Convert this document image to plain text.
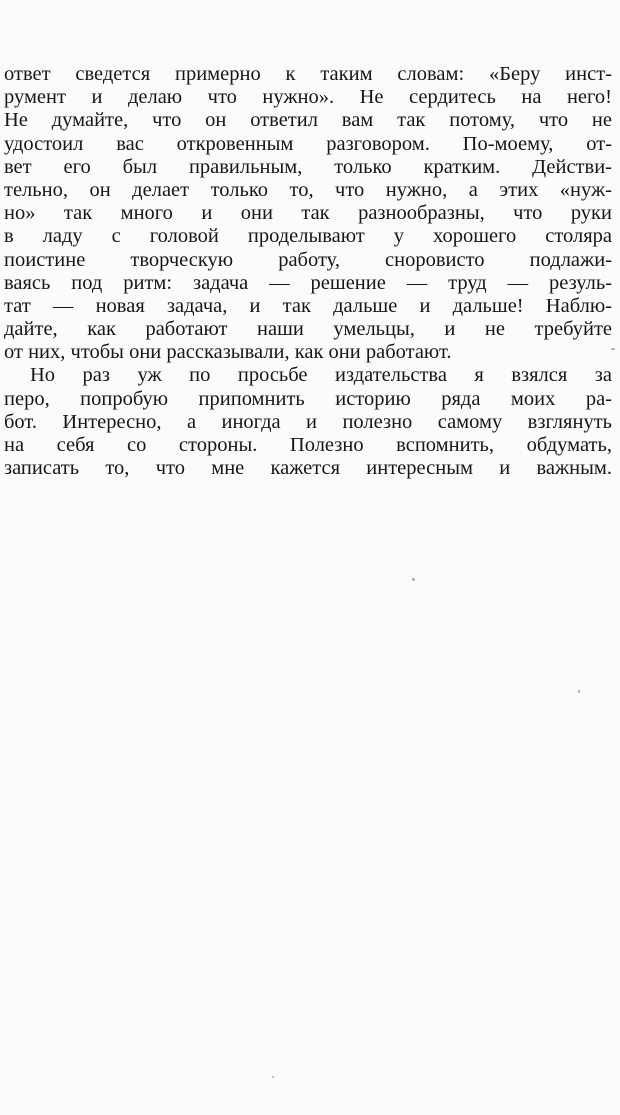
ответ сведется примерно к таким словам: «Беру инст-
румент и делаю что нужно». Не сердитесь на него!
Не думайте, что он ответил вам так потому, что не
удостоил вас откровенным разговором. По-моему, от-
вет его был правильным, только кратким. Действи-
тельно, он делает только то, что нужно, а этих «нуж-
но» так много и они так разнообразны, что руки
в ладу с головой проделывают у хорошего столяра
поистине творческую работу, сноровисто подлажи-
ваясь под ритм: задача — решение — труд — резуль-
тат — новая задача, и так дальше и дальше! Наблю-
дайте, как работают наши умельцы, и не требуйте
от них, чтобы они рассказывали, как они работают.
Но раз уж по просьбе издательства я взялся за
перо, попробую припомнить историю ряда моих ра-
бот. Интересно, а иногда и полезно самому взглянуть
на себя со стороны. Полезно вспомнить, обдумать,
записать то, что мне кажется интересным и важным.
